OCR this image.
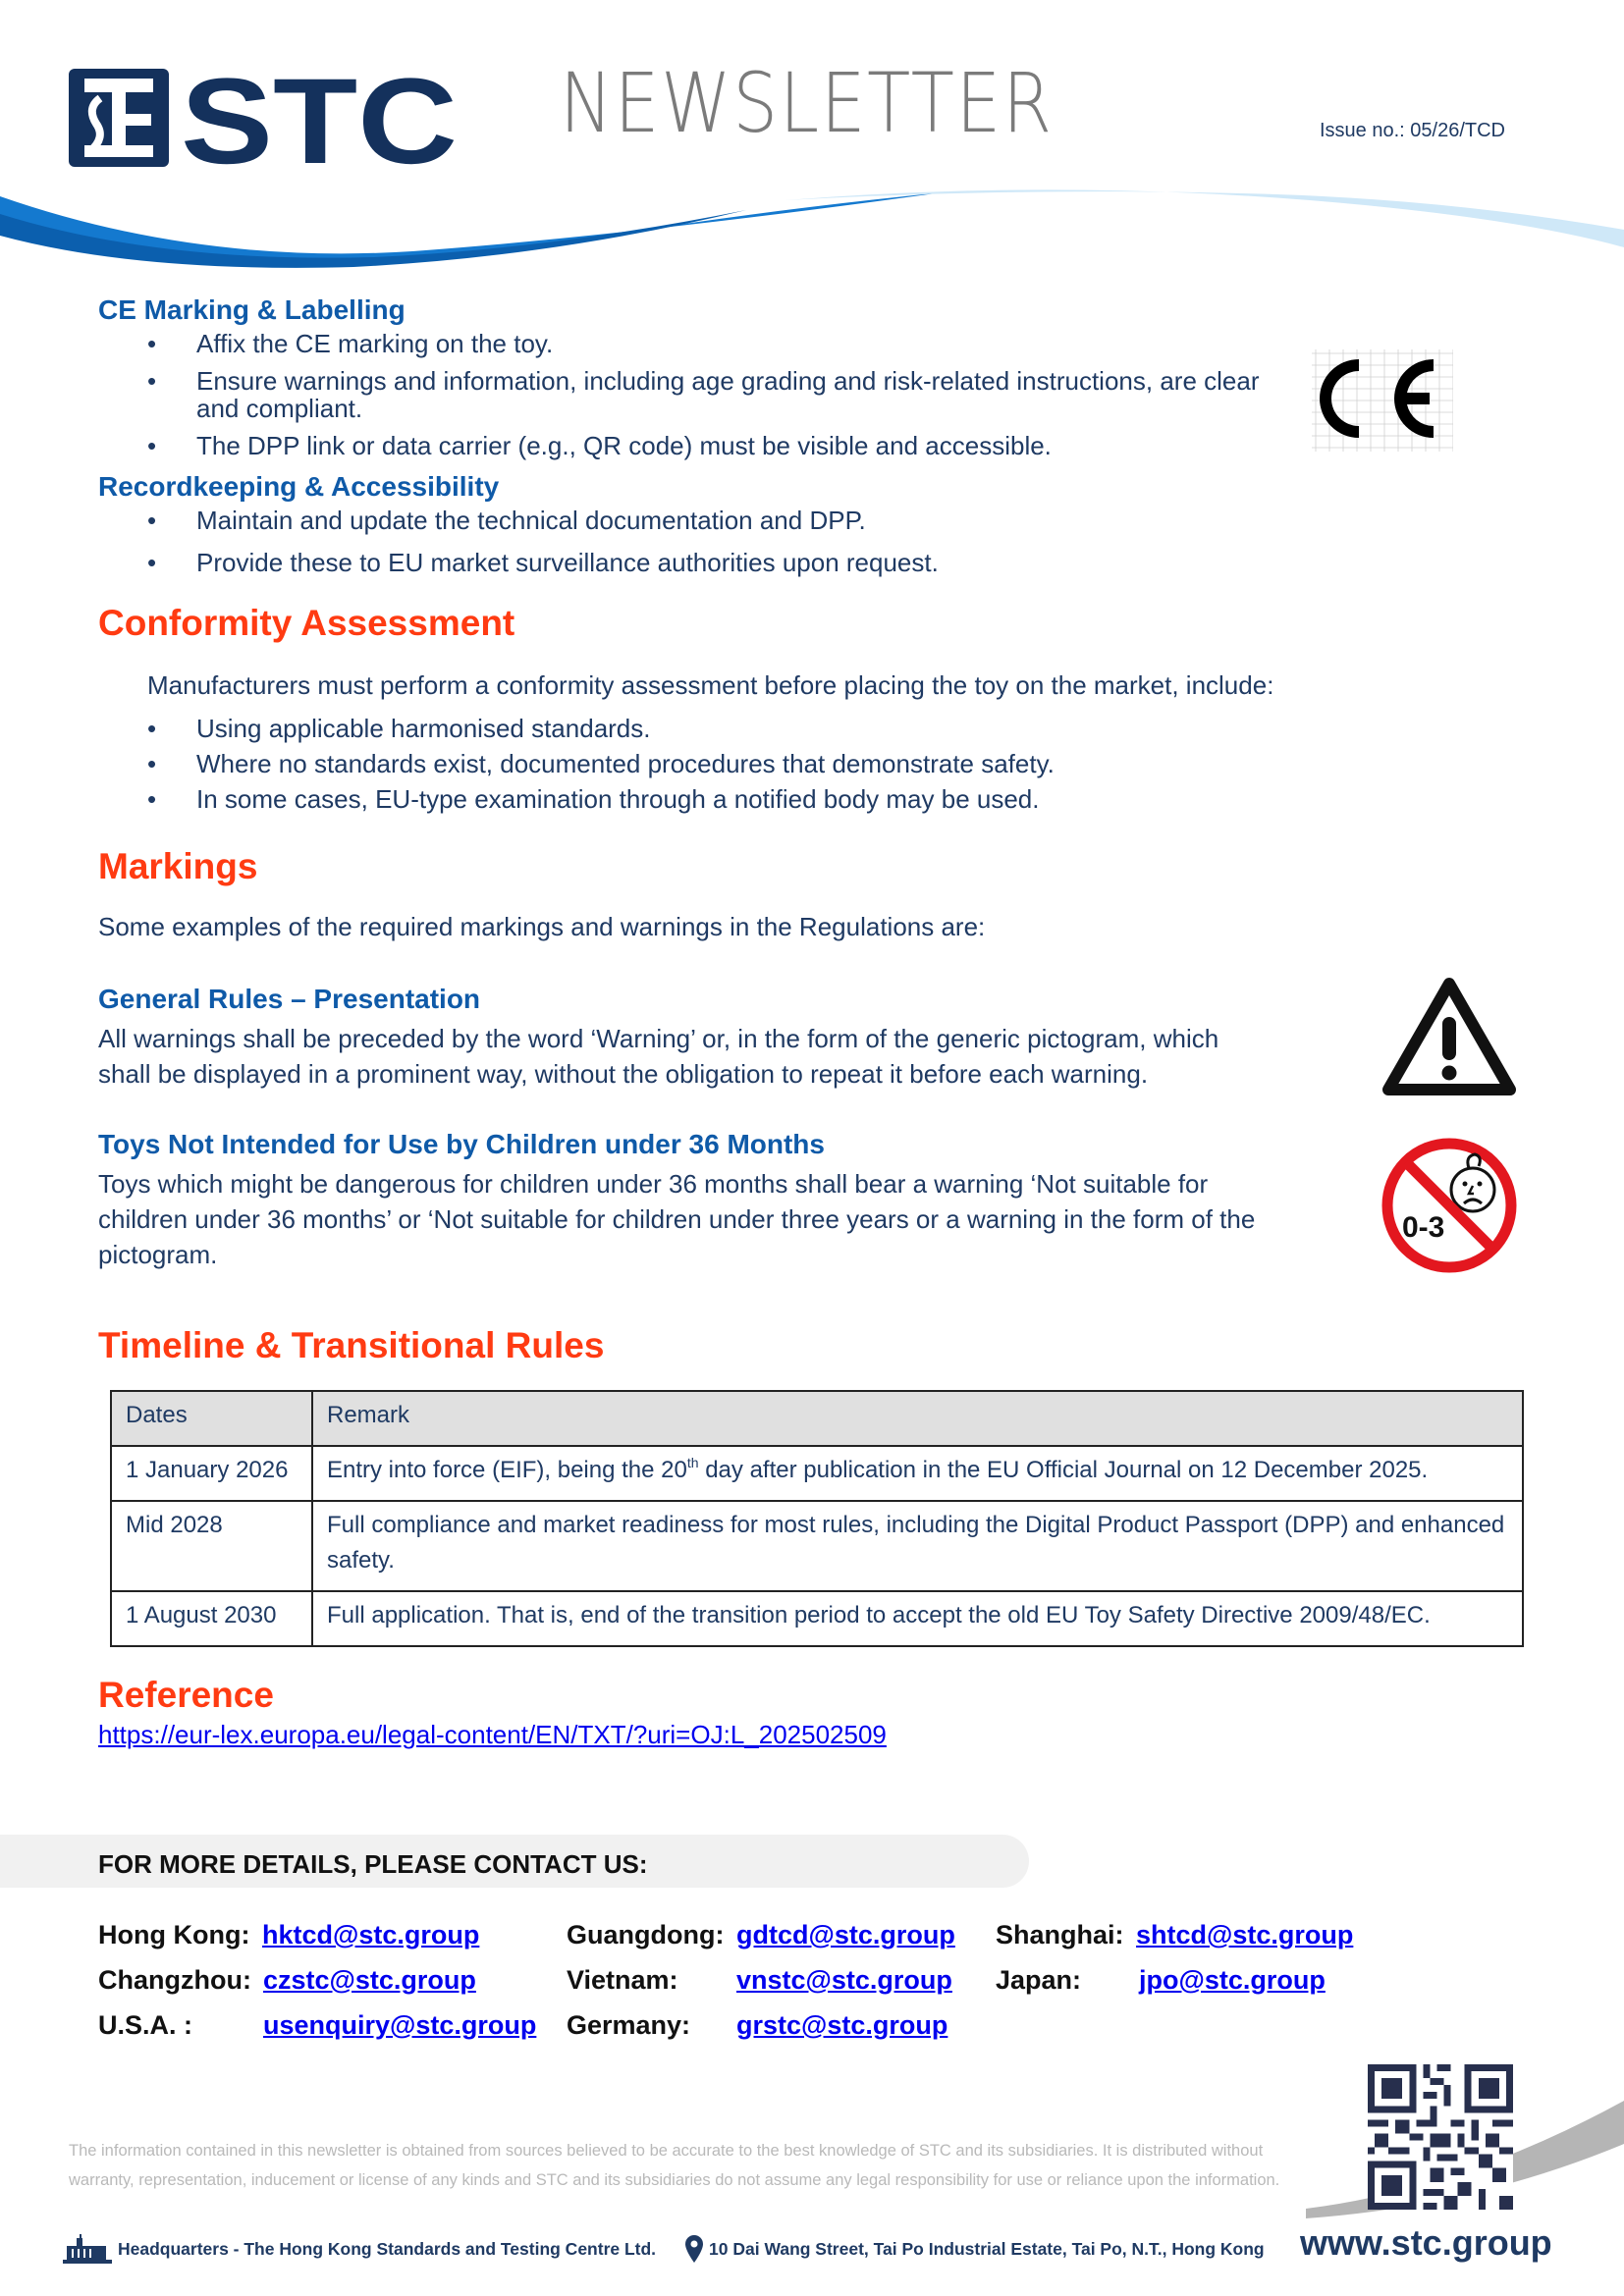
STC NEWSLETTER	Issue no.: 05/26/TCD
CE Marking & Labelling
• Affix the CE marking on the toy.
• Ensure warnings and information, including age grading and risk-related instructions, are clear and compliant.
• The DPP link or data carrier (e.g., QR code) must be visible and accessible.
Recordkeeping & Accessibility
• Maintain and update the technical documentation and DPP.
• Provide these to EU market surveillance authorities upon request.
Conformity Assessment
Manufacturers must perform a conformity assessment before placing the toy on the market, include:
• Using applicable harmonised standards.
• Where no standards exist, documented procedures that demonstrate safety.
• In some cases, EU-type examination through a notified body may be used.
Markings
Some examples of the required markings and warnings in the Regulations are:
General Rules – Presentation
All warnings shall be preceded by the word ‘Warning’ or, in the form of the generic pictogram, which
shall be displayed in a prominent way, without the obligation to repeat it before each warning.
Toys Not Intended for Use by Children under 36 Months
Toys which might be dangerous for children under 36 months shall bear a warning ‘Not suitable for
children under 36 months’ or ‘Not suitable for children under three years or a warning in the form of the
pictogram.
0-3
Timeline & Transitional Rules
Dates	Remark
1 January 2026	Entry into force (EIF), being the 20th day after publication in the EU Official Journal on 12 December 2025.
Mid 2028	Full compliance and market readiness for most rules, including the Digital Product Passport (DPP) and enhanced safety.
1 August 2030	Full application. That is, end of the transition period to accept the old EU Toy Safety Directive 2009/48/EC.
Reference
https://eur-lex.europa.eu/legal-content/EN/TXT/?uri=OJ:L_202502509
FOR MORE DETAILS, PLEASE CONTACT US:
Hong Kong: hktcd@stc.group	Guangdong: gdtcd@stc.group Shanghai: shtcd@stc.group
Changzhou: czstc@stc.group	Vietnam: vnstc@stc.group Japan: jpo@stc.group
U.S.A. :	usenquiry@stc.group Germany: grstc@stc.group
The information contained in this newsletter is obtained from sources believed to be accurate to the best knowledge of STC and its subsidiaries. It is distributed without
warranty, representation, inducement or license of any kinds and STC and its subsidiaries do not assume any legal responsibility for use or reliance upon the information.
Headquarters - The Hong Kong Standards and Testing Centre Ltd.	10 Dai Wang Street, Tai Po Industrial Estate, Tai Po, N.T., Hong Kong www.stc.group
